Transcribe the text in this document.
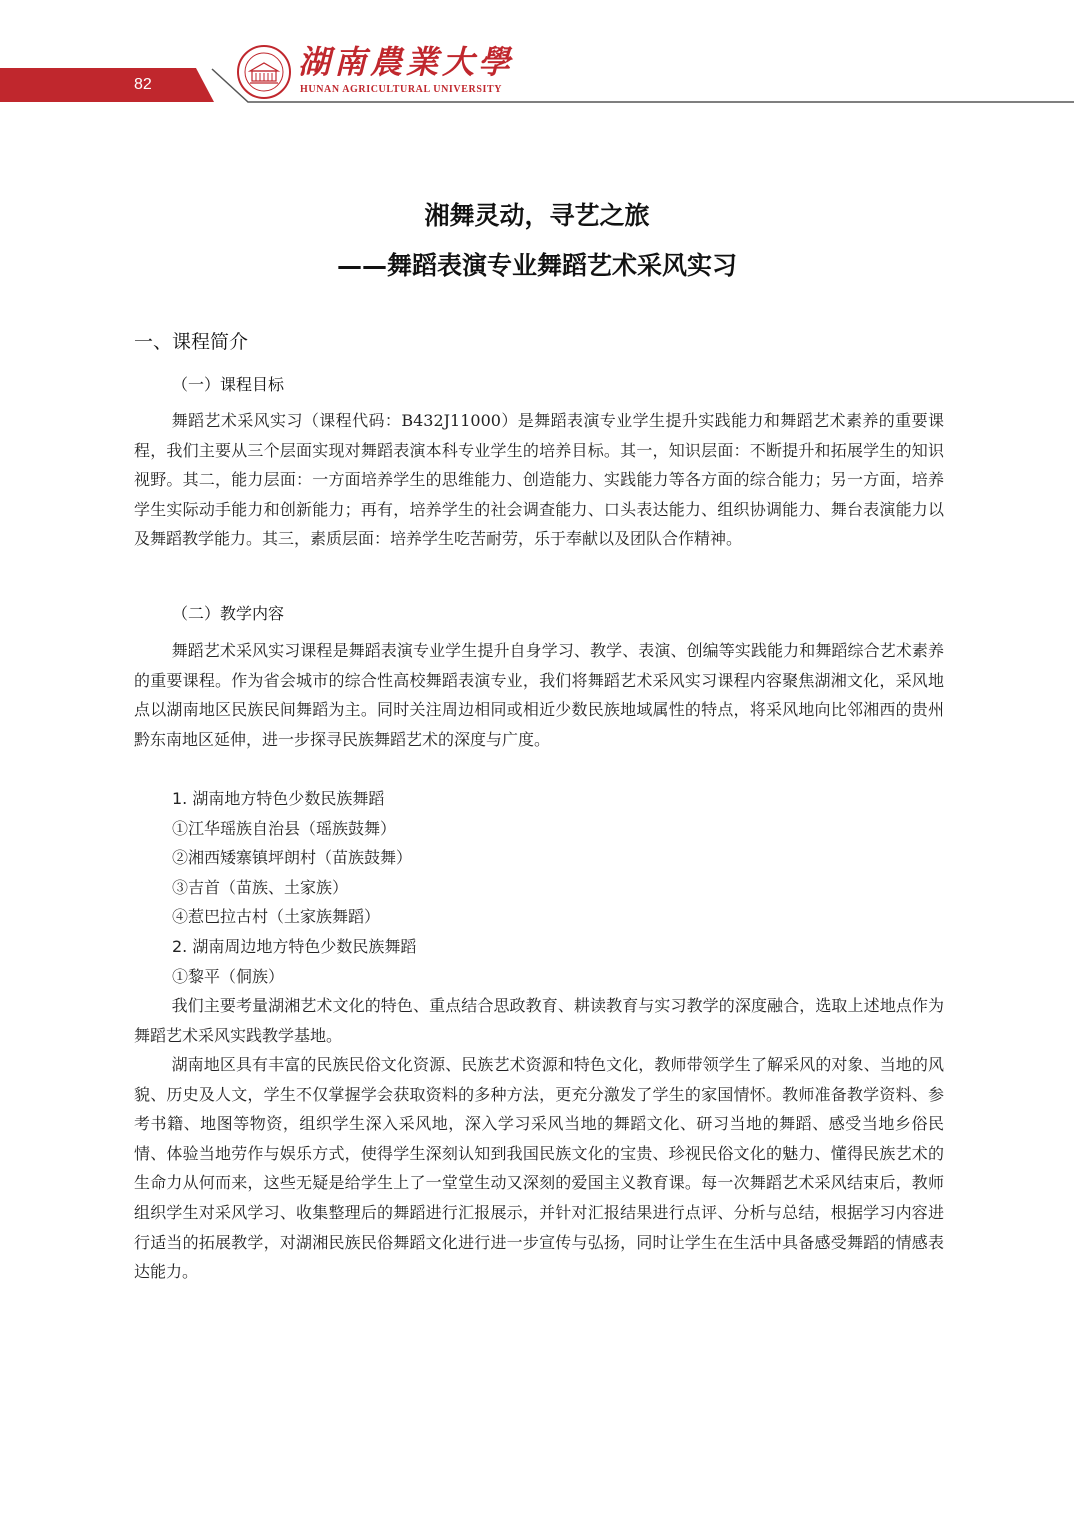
82
湖南農業大學
HUNAN AGRICULTURAL UNIVERSITY
湘舞灵动，寻艺之旅
——舞蹈表演专业舞蹈艺术采风实习
一、课程简介
（一）课程目标

舞蹈艺术采风实习（课程代码：B432J11000）是舞蹈表演专业学生提升实践能力和舞蹈艺术素养的重要课程，我们主要从三个层面实现对舞蹈表演本科专业学生的培养目标。其一，知识层面：不断提升和拓展学生的知识视野。其二，能力层面：一方面培养学生的思维能力、创造能力、实践能力等各方面的综合能力；另一方面，培养学生实际动手能力和创新能力；再有，培养学生的社会调查能力、口头表达能力、组织协调能力、舞台表演能力以及舞蹈教学能力。其三，素质层面：培养学生吃苦耐劳，乐于奉献以及团队合作精神。

（二）教学内容

舞蹈艺术采风实习课程是舞蹈表演专业学生提升自身学习、教学、表演、创编等实践能力和舞蹈综合艺术素养的重要课程。作为省会城市的综合性高校舞蹈表演专业，我们将舞蹈艺术采风实习课程内容聚焦湖湘文化，采风地点以湖南地区民族民间舞蹈为主。同时关注周边相同或相近少数民族地域属性的特点，将采风地向比邻湘西的贵州黔东南地区延伸，进一步探寻民族舞蹈艺术的深度与广度。

1. 湖南地方特色少数民族舞蹈
①江华瑶族自治县（瑶族鼓舞）
②湘西矮寨镇坪朗村（苗族鼓舞）
③吉首（苗族、土家族）
④惹巴拉古村（土家族舞蹈）
2. 湖南周边地方特色少数民族舞蹈
①黎平（侗族）

我们主要考量湖湘艺术文化的特色、重点结合思政教育、耕读教育与实习教学的深度融合，选取上述地点作为舞蹈艺术采风实践教学基地。

湖南地区具有丰富的民族民俗文化资源、民族艺术资源和特色文化，教师带领学生了解采风的对象、当地的风貌、历史及人文，学生不仅掌握学会获取资料的多种方法，更充分激发了学生的家国情怀。教师准备教学资料、参考书籍、地图等物资，组织学生深入采风地，深入学习采风当地的舞蹈文化、研习当地的舞蹈、感受当地乡俗民情、体验当地劳作与娱乐方式，使得学生深刻认知到我国民族文化的宝贵、珍视民俗文化的魅力、懂得民族艺术的生命力从何而来，这些无疑是给学生上了一堂堂生动又深刻的爱国主义教育课。每一次舞蹈艺术采风结束后，教师组织学生对采风学习、收集整理后的舞蹈进行汇报展示，并针对汇报结果进行点评、分析与总结，根据学习内容进行适当的拓展教学，对湖湘民族民俗舞蹈文化进行进一步宣传与弘扬，同时让学生在生活中具备感受舞蹈的情感表达能力。
